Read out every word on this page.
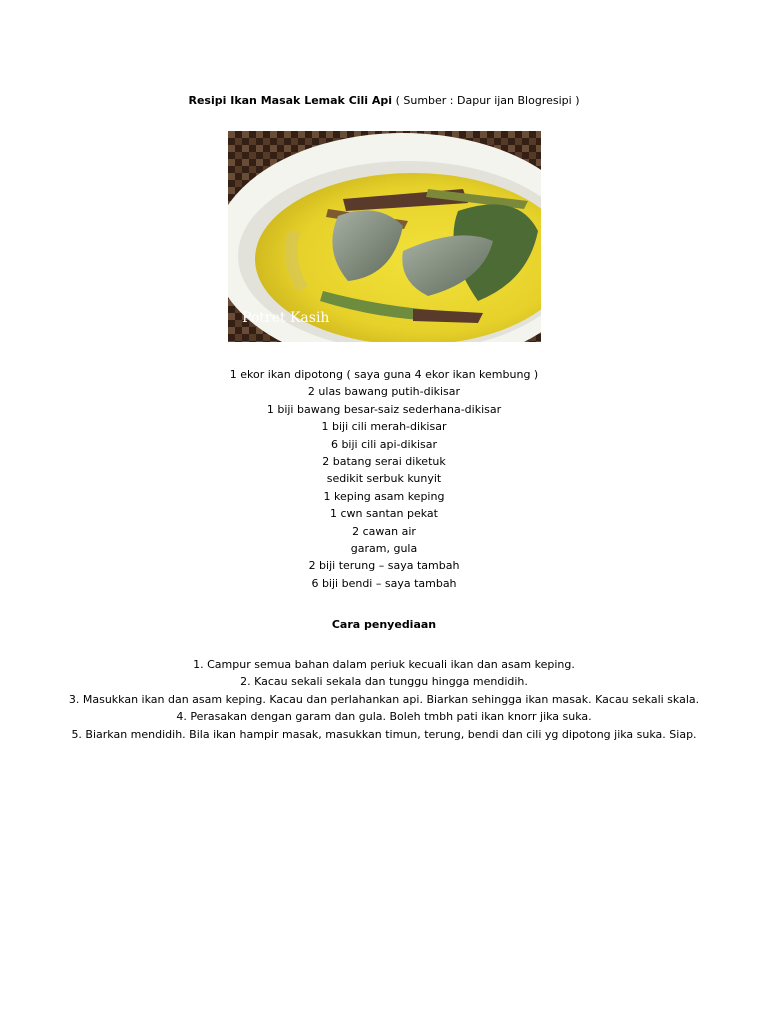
Resipi Ikan Masak Lemak Cili Api ( Sumber : Dapur ijan Blogresipi )
Potret Kasih
1 ekor ikan dipotong ( saya guna 4 ekor ikan kembung )
2 ulas bawang putih-dikisar
1 biji bawang besar-saiz sederhana-dikisar
1 biji cili merah-dikisar
6 biji cili api-dikisar
2 batang serai diketuk
sedikit serbuk kunyit
1 keping asam keping
1 cwn santan pekat
2 cawan air
garam, gula
2 biji terung – saya tambah
6 biji bendi – saya tambah
Cara penyediaan
1. Campur semua bahan dalam periuk kecuali ikan dan asam keping.
2. Kacau sekali sekala dan tunggu hingga mendidih.
3. Masukkan ikan dan asam keping. Kacau dan perlahankan api. Biarkan sehingga ikan masak. Kacau sekali skala.
4. Perasakan dengan garam dan gula. Boleh tmbh pati ikan knorr jika suka.
5. Biarkan mendidih. Bila ikan hampir masak, masukkan timun, terung, bendi dan cili yg dipotong jika suka. Siap.
